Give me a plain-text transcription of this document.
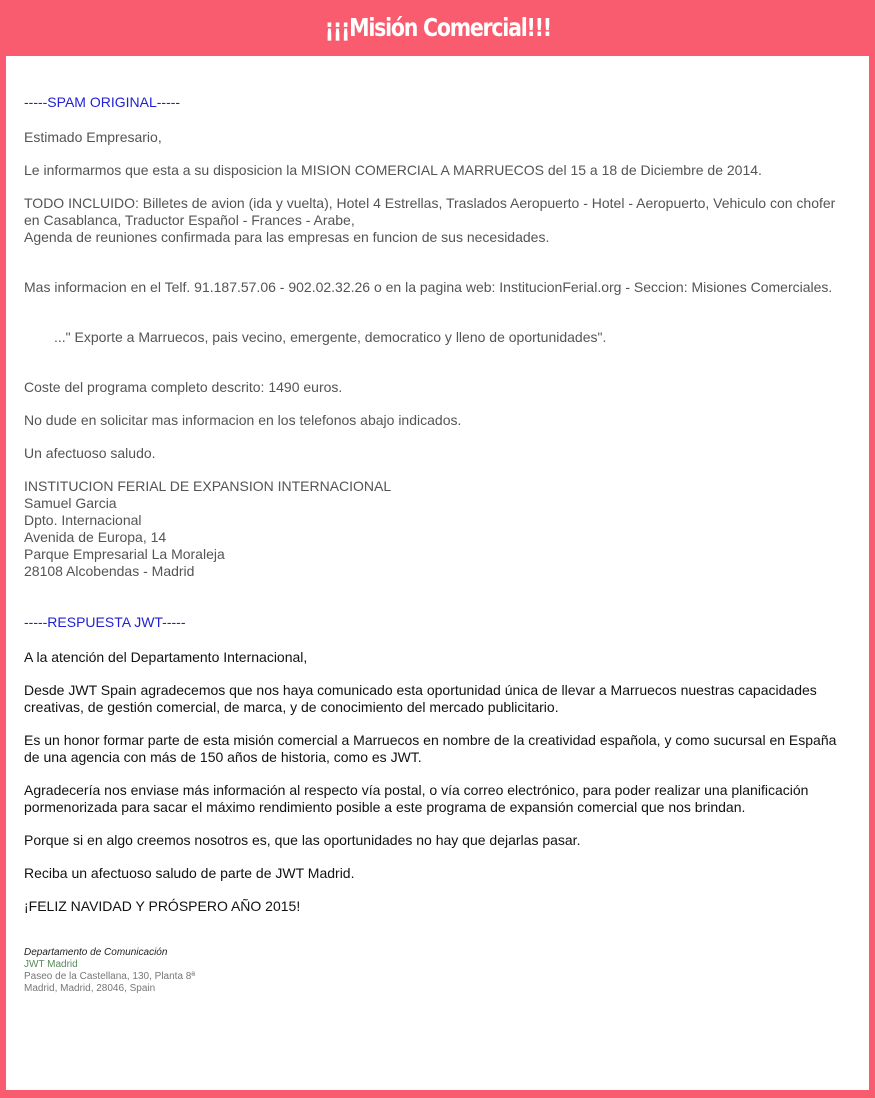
¡¡¡Misión Comercial!!!
-----SPAM ORIGINAL-----

Estimado Empresario,

Le informarmos que esta a su disposicion la MISION COMERCIAL A MARRUECOS del 15 a 18 de Diciembre de 2014.

TODO INCLUIDO: Billetes de avion (ida y vuelta), Hotel 4 Estrellas, Traslados Aeropuerto - Hotel - Aeropuerto, Vehiculo con chofer en Casablanca, Traductor Español - Frances - Arabe,
Agenda de reuniones confirmada para las empresas en funcion de sus necesidades.

Mas informacion en el Telf. 91.187.57.06 - 902.02.32.26 o en la pagina web: InstitucionFerial.org - Seccion: Misiones Comerciales.

..." Exporte a Marruecos, pais vecino, emergente, democratico y lleno de oportunidades".

Coste del programa completo descrito: 1490 euros.

No dude en solicitar mas informacion en los telefonos abajo indicados.

Un afectuoso saludo.

INSTITUCION FERIAL DE EXPANSION INTERNACIONAL
Samuel Garcia
Dpto. Internacional
Avenida de Europa, 14
Parque Empresarial La Moraleja
28108 Alcobendas - Madrid
-----RESPUESTA JWT-----

A la atención del Departamento Internacional,

Desde JWT Spain agradecemos que nos haya comunicado esta oportunidad única de llevar a Marruecos nuestras capacidades creativas, de gestión comercial, de marca, y de conocimiento del mercado publicitario.

Es un honor formar parte de esta misión comercial a Marruecos en nombre de la creatividad española, y como sucursal en España de una agencia con más de 150 años de historia, como es JWT.

Agradecería nos enviase más información al respecto vía postal, o vía correo electrónico, para poder realizar una planificación pormenorizada para sacar el máximo rendimiento posible a este programa de expansión comercial que nos brindan.

Porque si en algo creemos nosotros es, que las oportunidades no hay que dejarlas pasar.

Reciba un afectuoso saludo de parte de JWT Madrid.

¡FELIZ NAVIDAD Y PRÓSPERO AÑO 2015!

Departamento de Comunicación
JWT Madrid
Paseo de la Castellana, 130, Planta 8ª
Madrid, Madrid, 28046, Spain
